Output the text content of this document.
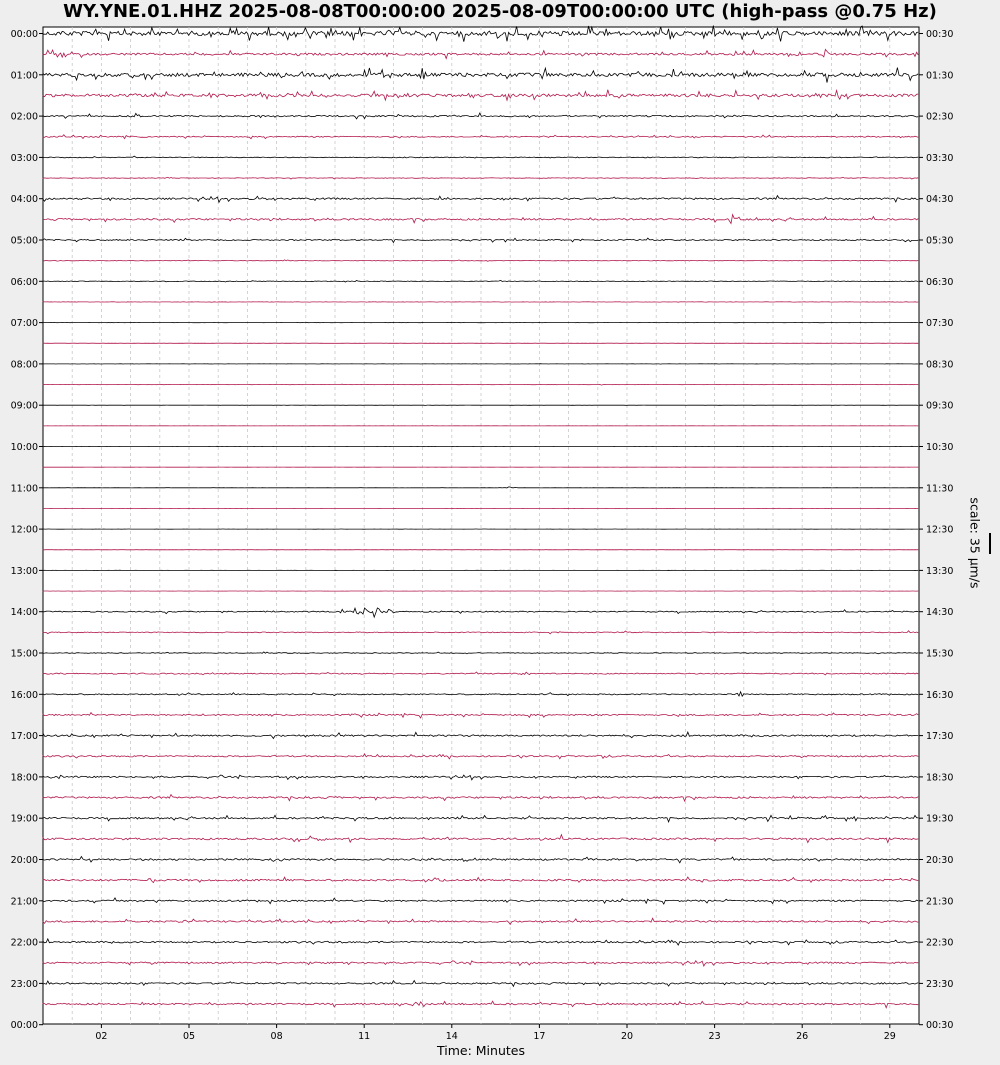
WY.YNE.01.HHZ 2025-08-08T00:00:00 2025-08-09T00:00:00 UTC (high-pass @0.75 Hz)
00:00
01:00
02:00
03:00
04:00
05:00
06:00
07:00
08:00
09:00
10:00
11:00
12:00
13:00
14:00
15:00
16:00
17:00
18:00
19:00
20:00
21:00
22:00
23:00
00:00
00:30
01:30
02:30
03:30
04:30
05:30
06:30
07:30
08:30
09:30
10:30
11:30
12:30
13:30
14:30
15:30
16:30
17:30
18:30
19:30
20:30
21:30
22:30
23:30
00:30
02	05	08	11	14	17	20	23	26	29
Time: Minutes
scale: 35 μm/s
